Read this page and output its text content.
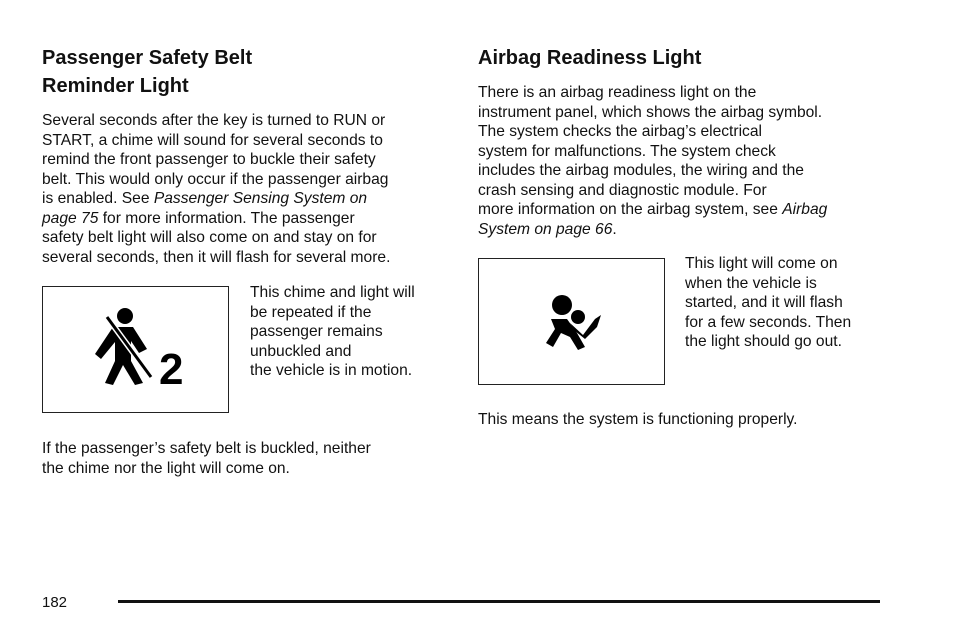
Passenger Safety Belt
Reminder Light

Several seconds after the key is turned to RUN or
START, a chime will sound for several seconds to
remind the front passenger to buckle their safety
belt. This would only occur if the passenger airbag
is enabled. See Passenger Sensing System on
page 75 for more information. The passenger
safety belt light will also come on and stay on for
several seconds, then it will flash for several more.

2

This chime and light will
be repeated if the
passenger remains
unbuckled and
the vehicle is in motion.

If the passenger’s safety belt is buckled, neither
the chime nor the light will come on.

Airbag Readiness Light

There is an airbag readiness light on the
instrument panel, which shows the airbag symbol.
The system checks the airbag’s electrical
system for malfunctions. The system check
includes the airbag modules, the wiring and the
crash sensing and diagnostic module. For
more information on the airbag system, see Airbag
System on page 66.

This light will come on
when the vehicle is
started, and it will flash
for a few seconds. Then
the light should go out.

This means the system is functioning properly.

182
